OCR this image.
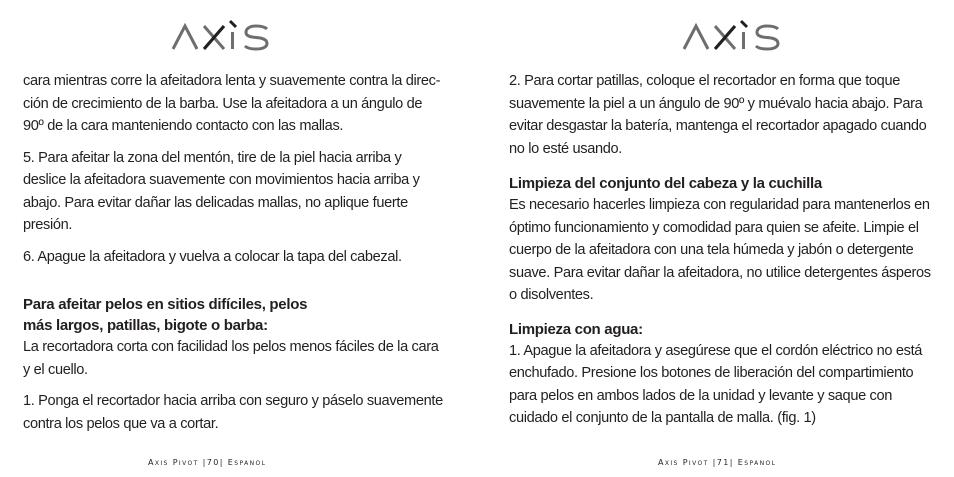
cara mientras corre la afeitadora lenta y suavemente contra la direc-ción de crecimiento de la barba. Use la afeitadora a un ángulo de 90º de la cara manteniendo contacto con las mallas.

5. Para afeitar la zona del mentón, tire de la piel hacia arriba y deslice la afeitadora suavemente con movimientos hacia arriba y abajo. Para evitar dañar las delicadas mallas, no aplique fuerte presión.

6. Apague la afeitadora y vuelva a colocar la tapa del cabezal.

Para afeitar pelos en sitios difíciles, pelos
más largos, patillas, bigote o barba:

La recortadora corta con facilidad los pelos menos fáciles de la cara y el cuello.

1. Ponga el recortador hacia arriba con seguro y páselo suavemente contra los pelos que va a cortar.

Axis Pivot |70| Espanol

2. Para cortar patillas, coloque el recortador en forma que toque suavemente la piel a un ángulo de 90º y muévalo hacia abajo. Para evitar desgastar la batería, mantenga el recortador apagado cuando no lo esté usando.

Limpieza del conjunto del cabeza y la cuchilla

Es necesario hacerles limpieza con regularidad para mantenerlos en óptimo funcionamiento y comodidad para quien se afeite. Limpie el cuerpo de la afeitadora con una tela húmeda y jabón o detergente suave. Para evitar dañar la afeitadora, no utilice detergentes ásperos o disolventes.

Limpieza con agua:

1. Apague la afeitadora y asegúrese que el cordón eléctrico no está enchufado. Presione los botones de liberación del compartimiento para pelos en ambos lados de la unidad y levante y saque con cuidado el conjunto de la pantalla de malla. (fig. 1)

Axis Pivot |71| Espanol
